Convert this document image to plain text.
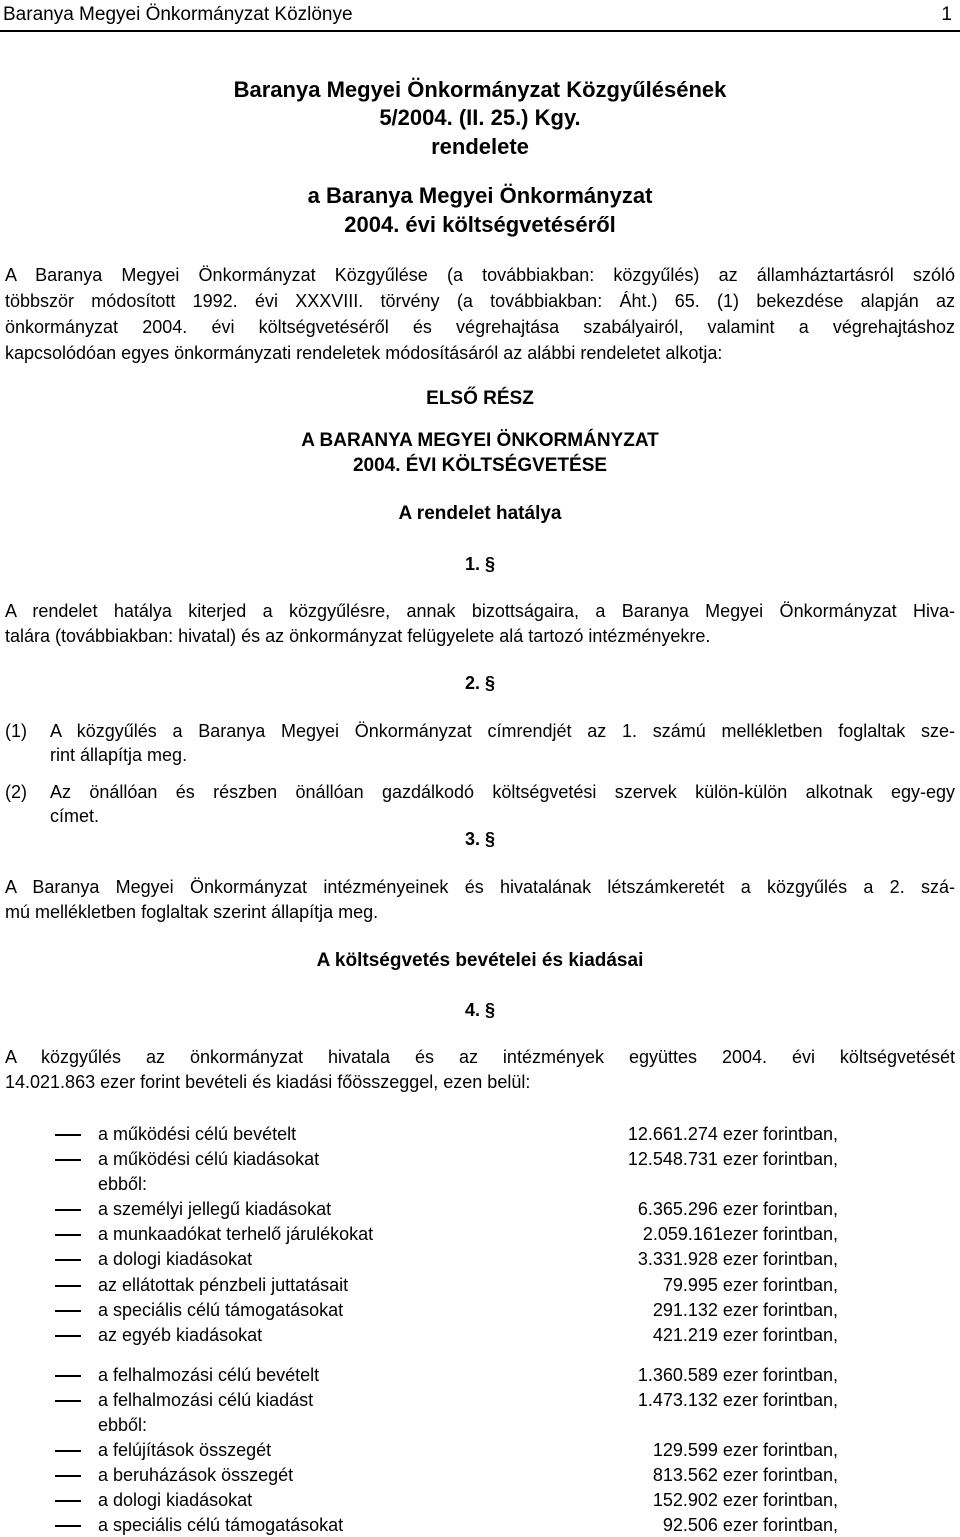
Baranya Megyei Önkormányzat Közlönye	1
Baranya Megyei Önkormányzat Közgyűlésének
5/2004. (II. 25.) Kgy.
rendelete
a Baranya Megyei Önkormányzat
2004. évi költségvetéséről
A Baranya Megyei Önkormányzat Közgyűlése (a továbbiakban: közgyűlés) az államháztartásról szóló
többször módosított 1992. évi XXXVIII. törvény (a továbbiakban: Áht.) 65. (1) bekezdése alapján az
önkormányzat 2004. évi költségvetéséről és végrehajtása szabályairól, valamint a végrehajtáshoz
kapcsolódóan egyes önkormányzati rendeletek módosításáról az alábbi rendeletet alkotja:
ELSŐ RÉSZ
A BARANYA MEGYEI ÖNKORMÁNYZAT
2004. ÉVI KÖLTSÉGVETÉSE
A rendelet hatálya
1. §
A rendelet hatálya kiterjed a közgyűlésre, annak bizottságaira, a Baranya Megyei Önkormányzat Hiva-
talára (továbbiakban: hivatal) és az önkormányzat felügyelete alá tartozó intézményekre.
2. §
(1) A közgyűlés a Baranya Megyei Önkormányzat címrendjét az 1. számú mellékletben foglaltak sze-
rint állapítja meg.
(2) Az önállóan és részben önállóan gazdálkodó költségvetési szervek külön-külön alkotnak egy-egy
címet.
3. §
A Baranya Megyei Önkormányzat intézményeinek és hivatalának létszámkeretét a közgyűlés a 2. szá-
mú mellékletben foglaltak szerint állapítja meg.
A költségvetés bevételei és kiadásai
4. §
A közgyűlés az önkormányzat hivatala és az intézmények együttes 2004. évi költségvetését
14.021.863 ezer forint bevételi és kiadási főösszeggel, ezen belül:
a működési célú bevételt	12.661.274 ezer forintban,
a működési célú kiadásokat	12.548.731 ezer forintban,
ebből:
a személyi jellegű kiadásokat	6.365.296 ezer forintban,
a munkaadókat terhelő járulékokat	2.059.161ezer forintban,
a dologi kiadásokat	3.331.928 ezer forintban,
az ellátottak pénzbeli juttatásait	79.995 ezer forintban,
a speciális célú támogatásokat	291.132 ezer forintban,
az egyéb kiadásokat	421.219 ezer forintban,
a felhalmozási célú bevételt	1.360.589 ezer forintban,
a felhalmozási célú kiadást	1.473.132 ezer forintban,
ebből:
a felújítások összegét	129.599 ezer forintban,
a beruházások összegét	813.562 ezer forintban,
a dologi kiadásokat	152.902 ezer forintban,
a speciális célú támogatásokat	92.506 ezer forintban,
